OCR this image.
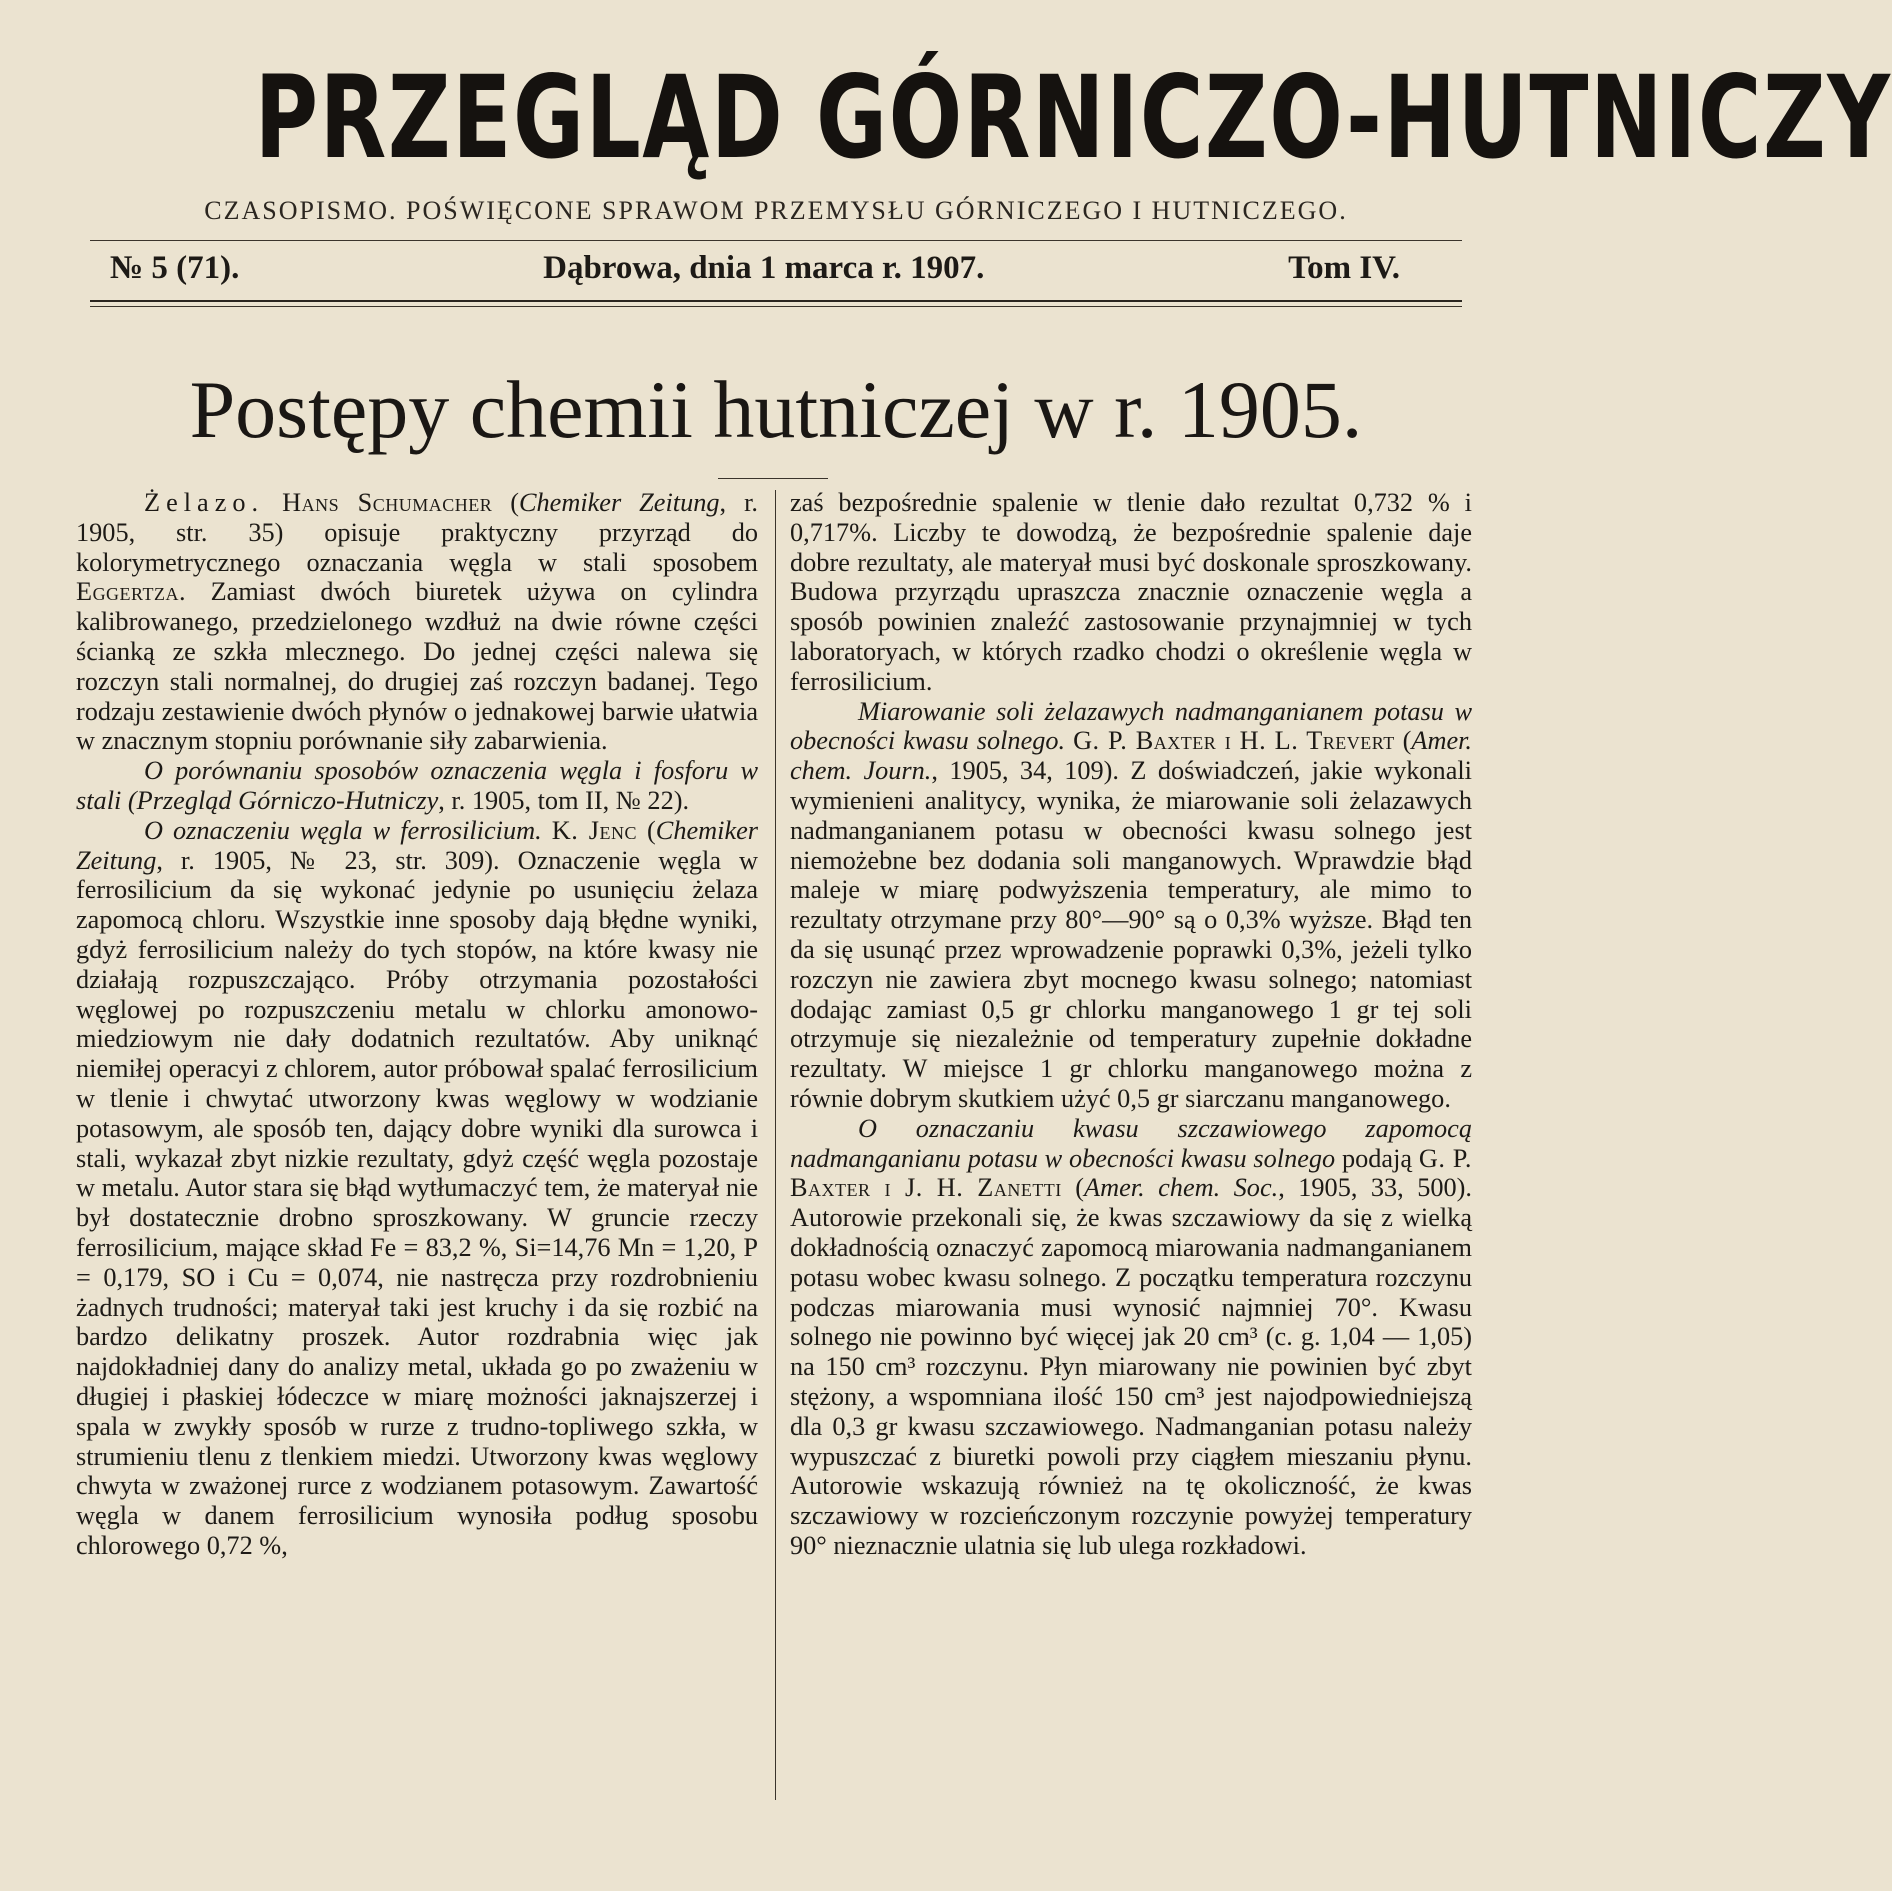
PRZEGLĄD GÓRNICZO-HUTNICZY
CZASOPISMO. POŚWIĘCONE SPRAWOM PRZEMYSŁU GÓRNICZEGO I HUTNICZEGO.
№ 5 (71).	Dąbrowa, dnia 1 marca r. 1907.	Tom IV.
Postępy chemii hutniczej w r. 1905.

Żelazo. Hans Schumacher (Chemiker Zeitung, r. 1905, str. 35) opisuje praktyczny przyrząd do kolorymetrycznego oznaczania węgla w stali sposobem Eggertza. Zamiast dwóch biuretek używa on cylindra kalibrowanego, przedzielonego wzdłuż na dwie równe części ścianką ze szkła mlecznego. Do jednej części nalewa się rozczyn stali normalnej, do drugiej zaś rozczyn badanej. Tego rodzaju zestawienie dwóch płynów o jednakowej barwie ułatwia w znacznym stopniu porównanie siły zabarwienia.

O porównaniu sposobów oznaczenia węgla i fosforu w stali (Przegląd Górniczo-Hutniczy, r. 1905, tom II, № 22).

O oznaczeniu węgla w ferrosilicium. K. Jenc (Chemiker Zeitung, r. 1905, № 23, str. 309). Oznaczenie węgla w ferrosilicium da się wykonać jedynie po usunięciu żelaza zapomocą chloru. Wszystkie inne sposoby dają błędne wyniki, gdyż ferrosilicium należy do tych stopów, na które kwasy nie działają rozpuszczająco. Próby otrzymania pozostałości węglowej po rozpuszczeniu metalu w chlorku amonowo-miedziowym nie dały dodatnich rezultatów. Aby uniknąć niemiłej operacyi z chlorem, autor próbował spalać ferrosilicium w tlenie i chwytać utworzony kwas węglowy w wodzianie potasowym, ale sposób ten, dający dobre wyniki dla surowca i stali, wykazał zbyt nizkie rezultaty, gdyż część węgla pozostaje w metalu. Autor stara się błąd wytłumaczyć tem, że materyał nie był dostatecznie drobno sproszkowany. W gruncie rzeczy ferrosilicium, mające skład Fe = 83,2 %, Si=14,76 Mn = 1,20, P = 0,179, SO i Cu = 0,074, nie nastręcza przy rozdrobnieniu żadnych trudności; materyał taki jest kruchy i da się rozbić na bardzo delikatny proszek. Autor rozdrabnia więc jak najdokładniej dany do analizy metal, układa go po zważeniu w długiej i płaskiej łódeczce w miarę możności jaknajszerzej i spala w zwykły sposób w rurze z trudno-topliwego szkła, w strumieniu tlenu z tlenkiem miedzi. Utworzony kwas węglowy chwyta w zważonej rurce z wodzianem potasowym. Zawartość węgla w danem ferrosilicium wynosiła podług sposobu chlorowego 0,72 %,

zaś bezpośrednie spalenie w tlenie dało rezultat 0,732 % i 0,717%. Liczby te dowodzą, że bezpośrednie spalenie daje dobre rezultaty, ale materyał musi być doskonale sproszkowany. Budowa przyrządu upraszcza znacznie oznaczenie węgla a sposób powinien znaleźć zastosowanie przynajmniej w tych laboratoryach, w których rzadko chodzi o określenie węgla w ferrosilicium.

Miarowanie soli żelazawych nadmanganianem potasu w obecności kwasu solnego. G. P. Baxter i H. L. Trevert (Amer. chem. Journ., 1905, 34, 109). Z doświadczeń, jakie wykonali wymienieni analitycy, wynika, że miarowanie soli żelazawych nadmanganianem potasu w obecności kwasu solnego jest niemożebne bez dodania soli manganowych. Wprawdzie błąd maleje w miarę podwyższenia temperatury, ale mimo to rezultaty otrzymane przy 80°—90° są o 0,3% wyższe. Błąd ten da się usunąć przez wprowadzenie poprawki 0,3%, jeżeli tylko rozczyn nie zawiera zbyt mocnego kwasu solnego; natomiast dodając zamiast 0,5 gr chlorku manganowego 1 gr tej soli otrzymuje się niezależnie od temperatury zupełnie dokładne rezultaty. W miejsce 1 gr chlorku manganowego można z równie dobrym skutkiem użyć 0,5 gr siarczanu manganowego.

O oznaczaniu kwasu szczawiowego zapomocą nadmanganianu potasu w obecności kwasu solnego podają G. P. Baxter i J. H. Zanetti (Amer. chem. Soc., 1905, 33, 500). Autorowie przekonali się, że kwas szczawiowy da się z wielką dokładnością oznaczyć zapomocą miarowania nadmanganianem potasu wobec kwasu solnego. Z początku temperatura rozczynu podczas miarowania musi wynosić najmniej 70°. Kwasu solnego nie powinno być więcej jak 20 cm³ (c. g. 1,04 — 1,05) na 150 cm³ rozczynu. Płyn miarowany nie powinien być zbyt stężony, a wspomniana ilość 150 cm³ jest najodpowiedniejszą dla 0,3 gr kwasu szczawiowego. Nadmanganian potasu należy wypuszczać z biuretki powoli przy ciągłem mieszaniu płynu. Autorowie wskazują również na tę okoliczność, że kwas szczawiowy w rozcieńczonym rozczynie powyżej temperatury 90° nieznacznie ulatnia się lub ulega rozkładowi.
